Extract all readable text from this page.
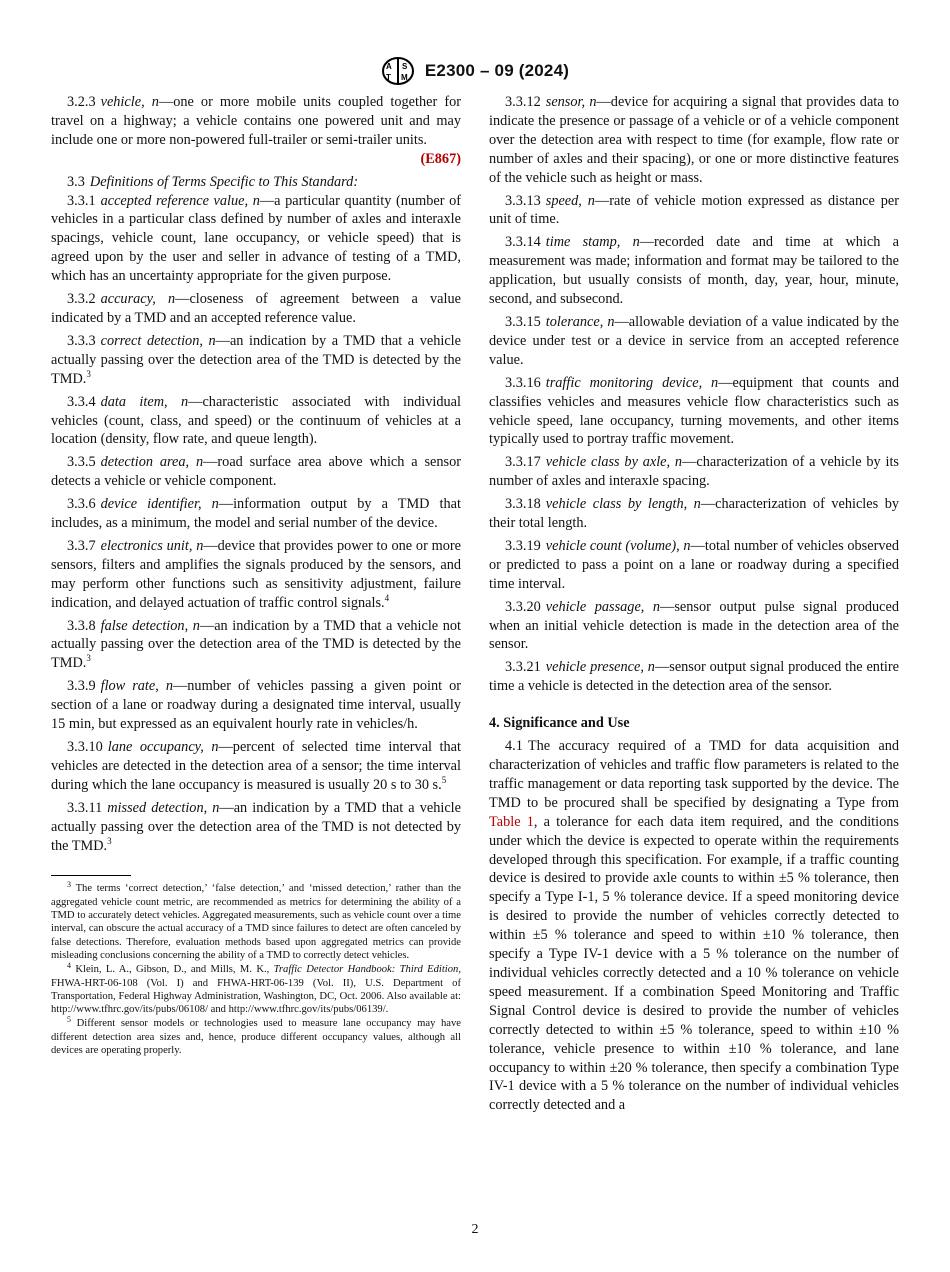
A S
T M E2300 – 09 (2024)

3.2.3 vehicle, n—one or more mobile units coupled together for travel on a highway; a vehicle contains one powered unit and may include one or more non-powered full-trailer or semi-trailer units.

(E867)

3.3 Definitions of Terms Specific to This Standard:

3.3.1 accepted reference value, n—a particular quantity (number of vehicles in a particular class defined by number of axles and interaxle spacings, vehicle count, lane occupancy, or vehicle speed) that is agreed upon by the user and seller in advance of testing of a TMD, which has an uncertainty appropriate for the given purpose.

3.3.2 accuracy, n—closeness of agreement between a value indicated by a TMD and an accepted reference value.

3.3.3 correct detection, n—an indication by a TMD that a vehicle actually passing over the detection area of the TMD is detected by the TMD.$^3$

3.3.4 data item, n—characteristic associated with individual vehicles (count, class, and speed) or the continuum of vehicles at a location (density, flow rate, and queue length).

3.3.5 detection area, n—road surface area above which a sensor detects a vehicle or vehicle component.

3.3.6 device identifier, n—information output by a TMD that includes, as a minimum, the model and serial number of the device.

3.3.7 electronics unit, n—device that provides power to one or more sensors, filters and amplifies the signals produced by the sensors, and may perform other functions such as sensitivity adjustment, failure indication, and delayed actuation of traffic control signals.$^4$

3.3.8 false detection, n—an indication by a TMD that a vehicle not actually passing over the detection area of the TMD is detected by the TMD.$^3$

3.3.9 flow rate, n—number of vehicles passing a given point or section of a lane or roadway during a designated time interval, usually 15 min, but expressed as an equivalent hourly rate in vehicles/h.

3.3.10 lane occupancy, n—percent of selected time interval that vehicles are detected in the detection area of a sensor; the time interval during which the lane occupancy is measured is usually 20 s to 30 s.$^5$

3.3.11 missed detection, n—an indication by a TMD that a vehicle actually passing over the detection area of the TMD is not detected by the TMD.$^3$

$^3$ The terms ‘correct detection,’ ‘false detection,’ and ‘missed detection,’ rather than the aggregated vehicle count metric, are recommended as metrics for determining the ability of a TMD to accurately detect vehicles. Aggregated measurements, such as vehicle count over a time interval, can obscure the actual accuracy of a TMD since failures to detect are often canceled by false detections. Therefore, evaluation methods based upon aggregated metrics can provide misleading conclusions concerning the ability of a TMD to correctly detect vehicles.

$^4$ Klein, L. A., Gibson, D., and Mills, M. K., Traffic Detector Handbook: Third Edition, FHWA-HRT-06-108 (Vol. I) and FHWA-HRT-06-139 (Vol. II), U.S. Department of Transportation, Federal Highway Administration, Washington, DC, Oct. 2006. Also available at: http://www.tfhrc.gov/its/pubs/06108/ and http://www.tfhrc.gov/its/pubs/06139/.

$^5$ Different sensor models or technologies used to measure lane occupancy may have different detection area sizes and, hence, produce different occupancy values, although all devices are operating properly.

3.3.12 sensor, n—device for acquiring a signal that provides data to indicate the presence or passage of a vehicle or of a vehicle component over the detection area with respect to time (for example, flow rate or number of axles and their spacing), or one or more distinctive features of the vehicle such as height or mass.

3.3.13 speed, n—rate of vehicle motion expressed as distance per unit of time.

3.3.14 time stamp, n—recorded date and time at which a measurement was made; information and format may be tailored to the application, but usually consists of month, day, year, hour, minute, second, and subsecond.

3.3.15 tolerance, n—allowable deviation of a value indicated by the device under test or a device in service from an accepted reference value.

3.3.16 traffic monitoring device, n—equipment that counts and classifies vehicles and measures vehicle flow characteristics such as vehicle speed, lane occupancy, turning movements, and other items typically used to portray traffic movement.

3.3.17 vehicle class by axle, n—characterization of a vehicle by its number of axles and interaxle spacing.

3.3.18 vehicle class by length, n—characterization of vehicles by their total length.

3.3.19 vehicle count (volume), n—total number of vehicles observed or predicted to pass a point on a lane or roadway during a specified time interval.

3.3.20 vehicle passage, n—sensor output pulse signal produced when an initial vehicle detection is made in the detection area of the sensor.

3.3.21 vehicle presence, n—sensor output signal produced the entire time a vehicle is detected in the detection area of the sensor.

4. Significance and Use

4.1 The accuracy required of a TMD for data acquisition and characterization of vehicles and traffic flow parameters is related to the traffic management or data reporting task supported by the device. The TMD to be procured shall be specified by designating a Type from Table 1, a tolerance for each data item required, and the conditions under which the device is expected to operate within the requirements developed through this specification. For example, if a traffic counting device is desired to provide axle counts to within ±5 % tolerance, then specify a Type I-1, 5 % tolerance device. If a speed monitoring device is desired to provide the number of vehicles correctly detected to within ±5 % tolerance and speed to within ±10 % tolerance, then specify a Type IV-1 device with a 5 % tolerance on the number of individual vehicles correctly detected and a 10 % tolerance on vehicle speed measurement. If a combination Speed Monitoring and Traffic Signal Control device is desired to provide the number of vehicles correctly detected to within ±5 % tolerance, speed to within ±10 % tolerance, vehicle presence to within ±10 % tolerance, and lane occupancy to within ±20 % tolerance, then specify a combination Type IV-1 device with a 5 % tolerance on the number of individual vehicles correctly detected and a

2
